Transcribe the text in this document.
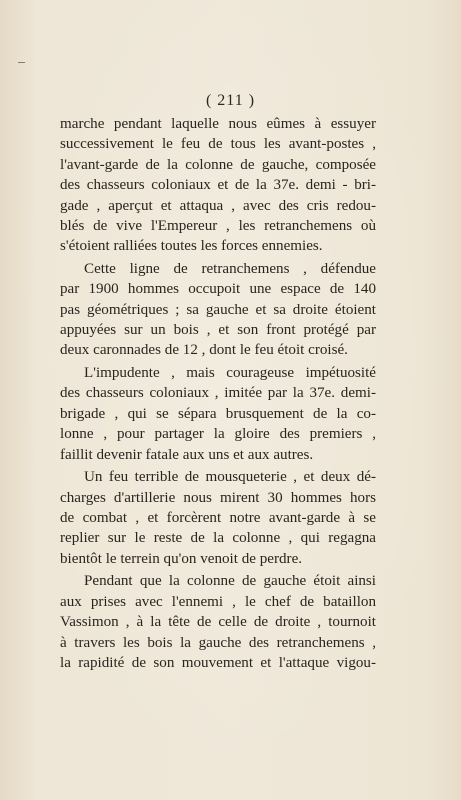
( 211 )
marche pendant laquelle nous eûmes à essuyer
successivement le feu de tous les avant-postes ,
l'avant-garde de la colonne de gauche, composée
des chasseurs coloniaux et de la 37e. demi - bri-
gade , aperçut et attaqua , avec des cris redou-
blés de vive l'Empereur , les retranchemens où
s'étoient ralliées toutes les forces ennemies.
Cette ligne de retranchemens , défendue
par 1900 hommes occupoit une espace de 140
pas géométriques ; sa gauche et sa droite étoient
appuyées sur un bois , et son front protégé par
deux caronnades de 12 , dont le feu étoit croisé.
L'impudente , mais courageuse impétuosité
des chasseurs coloniaux , imitée par la 37e. demi-
brigade , qui se sépara brusquement de la co-
lonne , pour partager la gloire des premiers ,
faillit devenir fatale aux uns et aux autres.
Un feu terrible de mousqueterie , et deux dé-
charges d'artillerie nous mirent 30 hommes hors
de combat , et forcèrent notre avant-garde à se
replier sur le reste de la colonne , qui regagna
bientôt le terrein qu'on venoit de perdre.
Pendant que la colonne de gauche étoit ainsi
aux prises avec l'ennemi , le chef de bataillon
Vassimon , à la tête de celle de droite , tournoit
à travers les bois la gauche des retranchemens ,
la rapidité de son mouvement et l'attaque vigou-
